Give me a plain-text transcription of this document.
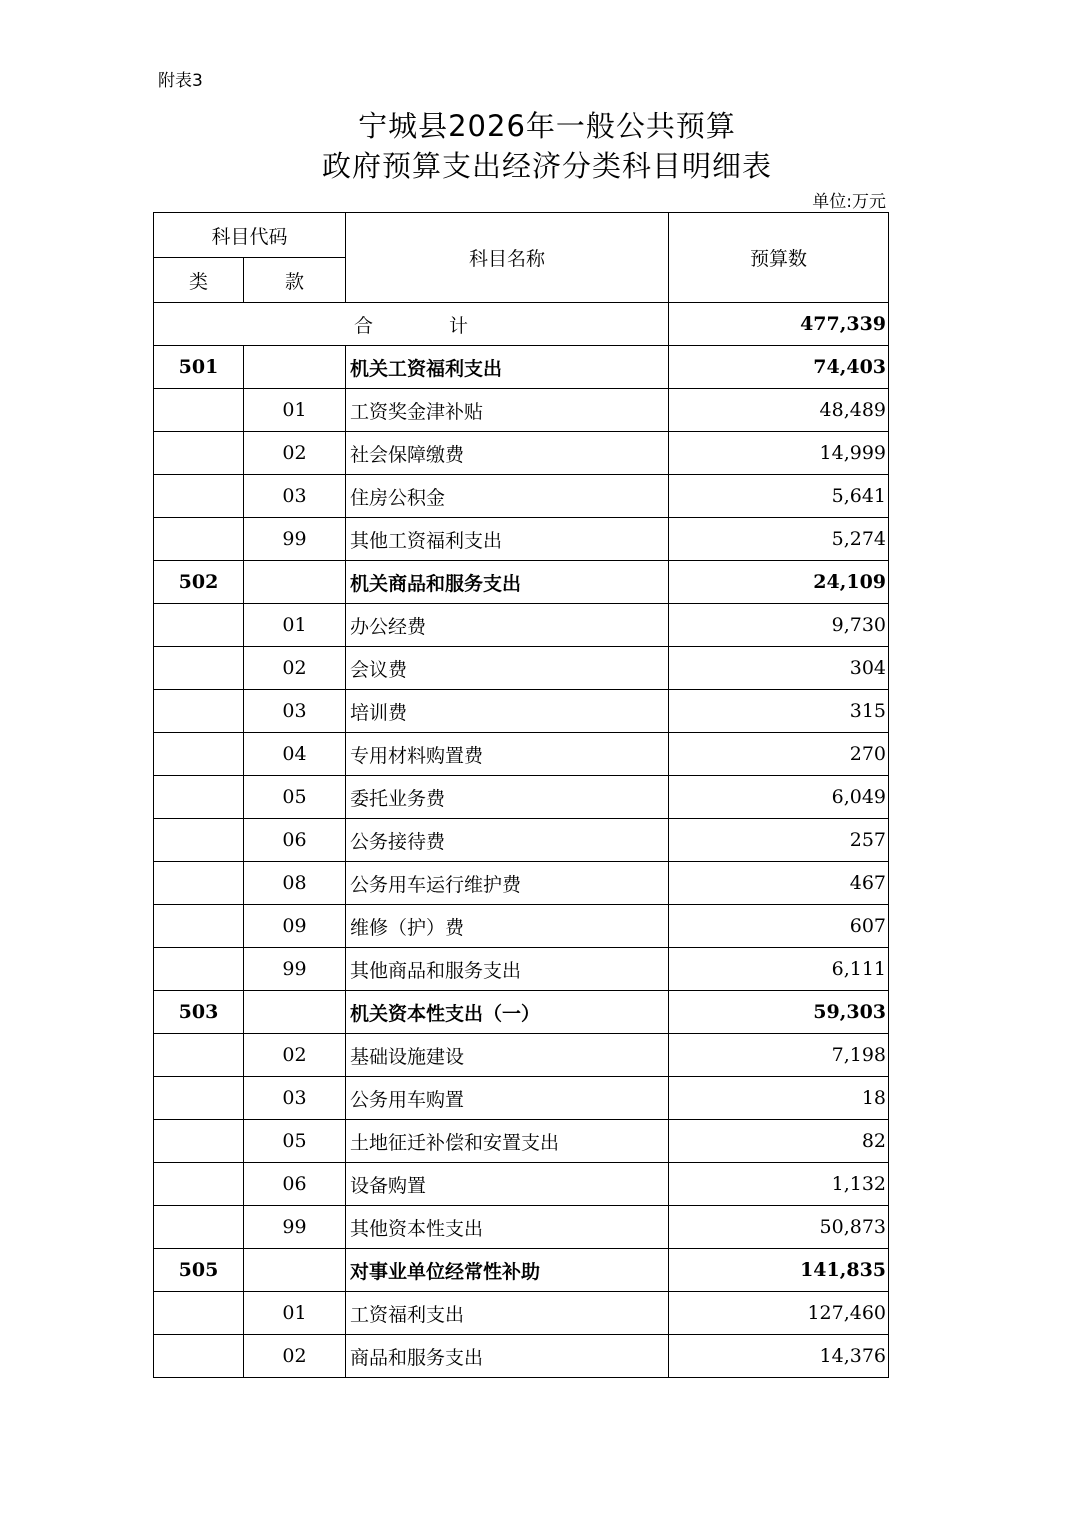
附表3
宁城县2026年一般公共预算
政府预算支出经济分类科目明细表
单位:万元
科目代码		科目名称	预算数
类	款		
合 计			477,339
501		机关工资福利支出	74,403
	01	工资奖金津补贴	48,489
	02	社会保障缴费	14,999
	03	住房公积金	5,641
	99	其他工资福利支出	5,274
502		机关商品和服务支出	24,109
	01	办公经费	9,730
	02	会议费	304
	03	培训费	315
	04	专用材料购置费	270
	05	委托业务费	6,049
	06	公务接待费	257
	08	公务用车运行维护费	467
	09	维修（护）费	607
	99	其他商品和服务支出	6,111
503		机关资本性支出（一）	59,303
	02	基础设施建设	7,198
	03	公务用车购置	18
	05	土地征迁补偿和安置支出	82
	06	设备购置	1,132
	99	其他资本性支出	50,873
505		对事业单位经常性补助	141,835
	01	工资福利支出	127,460
	02	商品和服务支出	14,376
